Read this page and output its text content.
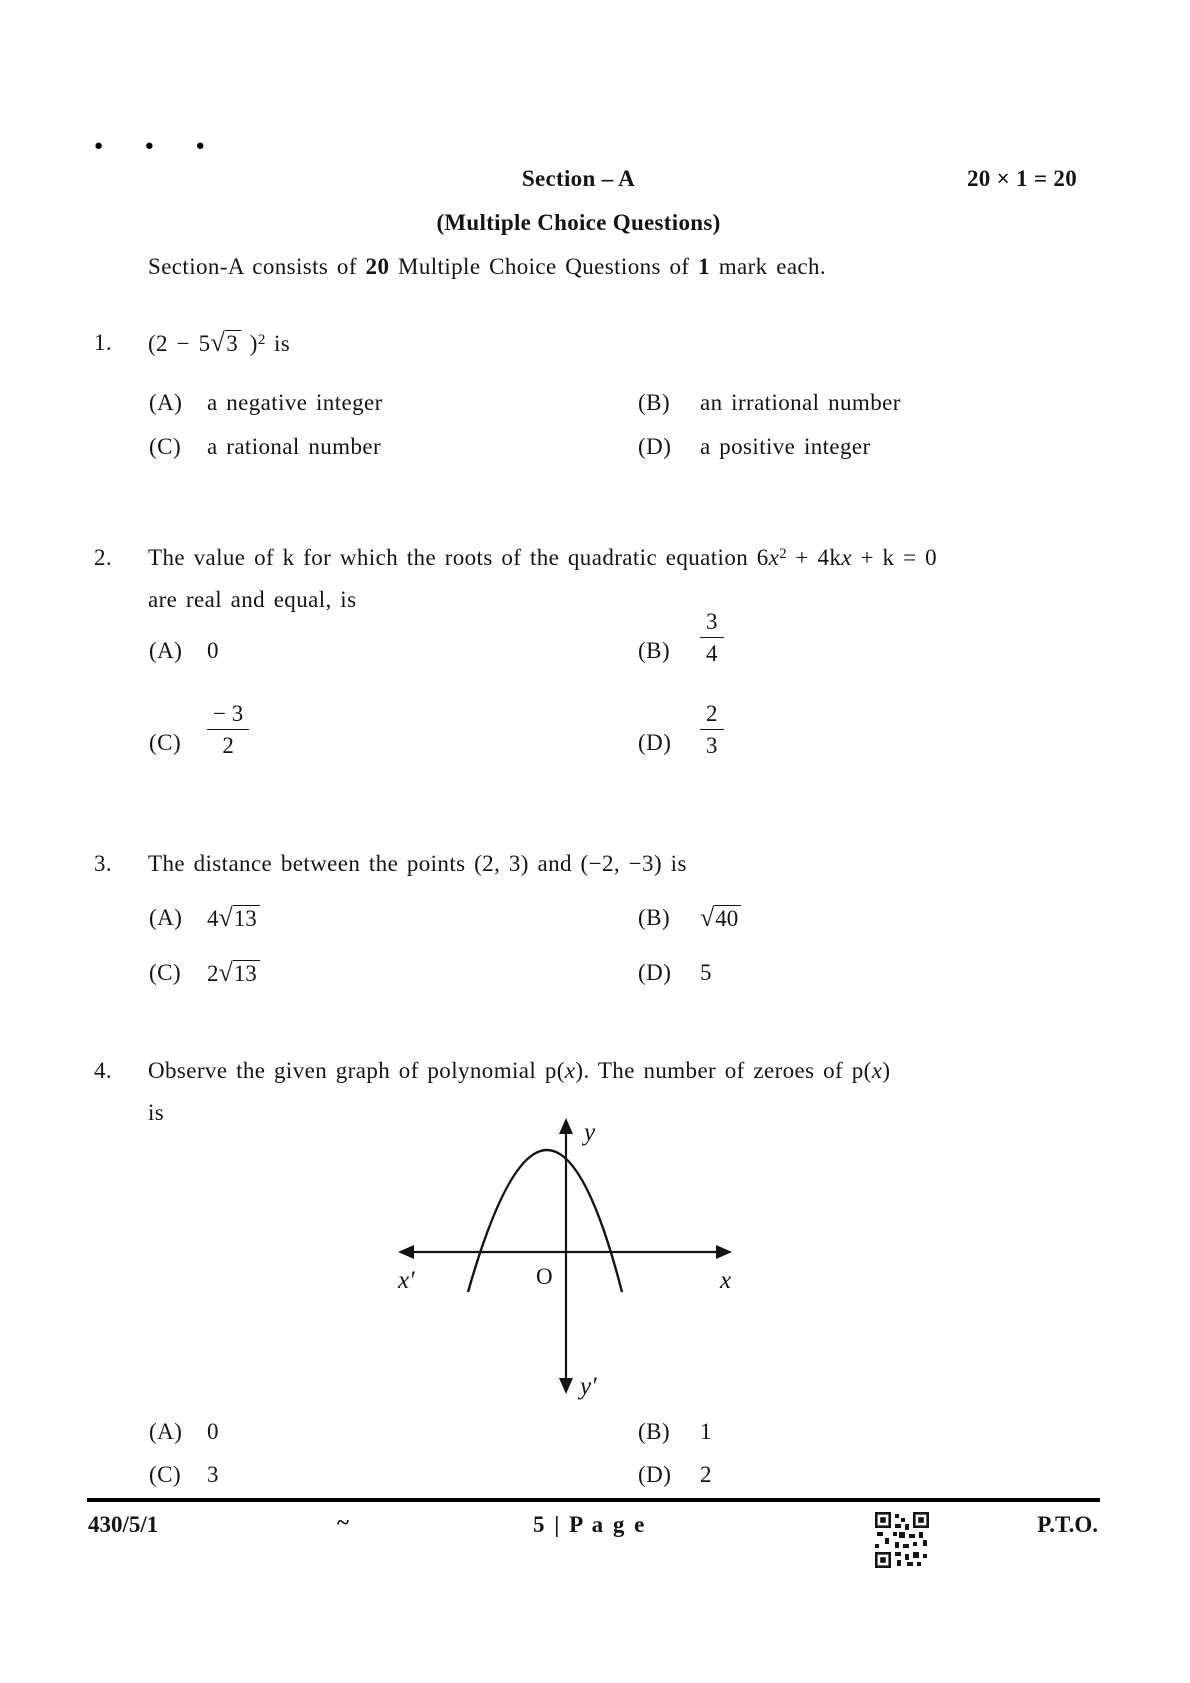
● ● ●
Section – A	20 × 1 = 20
(Multiple Choice Questions)
Section-A consists of 20 Multiple Choice Questions of 1 mark each.
1. (2 − 5√3 )$^2$ is
(A) a negative integer	(B) an irrational number
(C) a rational number	(D) a positive integer
2. The value of k for which the roots of the quadratic equation $6x^2 + 4kx + k = 0$
are real and equal, is
(A) 0	$(B) \frac{3}{4}$
$(C) \frac{- 3}{2}$	$(D) \frac{2}{3}$
3. The distance between the points (2, 3) and (−2, −3) is
(A) 4√13	(B) √40
(C) 2√13	(D) 5
4. Observe the given graph of polynomial p(x). The number of zeroes of p(x)
is
y
x′	O	x
y′
(A) 0	(B) 1
(C) 3	(D) 2
430/5/1	~	5 | P a g e	P.T.O.
